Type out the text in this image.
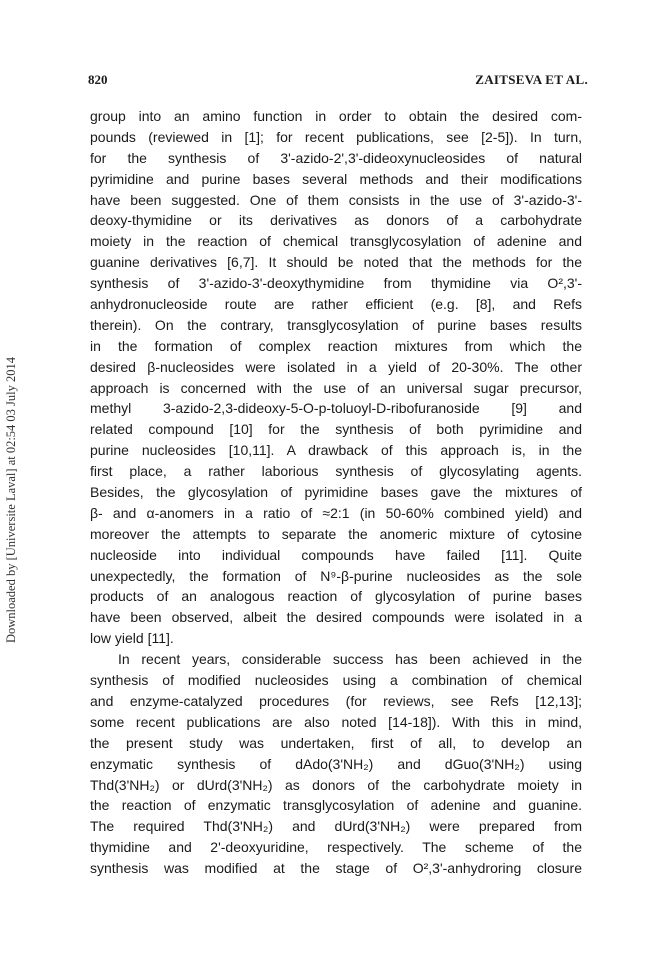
820	ZAITSEVA ET AL.
Downloaded by [Universite Laval] at 02:54 03 July 2014
group into an amino function in order to obtain the desired com-
pounds (reviewed in [1]; for recent publications, see [2-5]). In turn,
for the synthesis of 3'-azido-2',3'-dideoxynucleosides of natural
pyrimidine and purine bases several methods and their modifications
have been suggested. One of them consists in the use of 3'-azido-3'-
deoxy-thymidine or its derivatives as donors of a carbohydrate
moiety in the reaction of chemical transglycosylation of adenine and
guanine derivatives [6,7]. It should be noted that the methods for the
synthesis of 3'-azido-3'-deoxythymidine from thymidine via O²,3'-
anhydronucleoside route are rather efficient (e.g. [8], and Refs
therein). On the contrary, transglycosylation of purine bases results
in the formation of complex reaction mixtures from which the
desired β-nucleosides were isolated in a yield of 20-30%. The other
approach is concerned with the use of an universal sugar precursor,
methyl 3-azido-2,3-dideoxy-5-O-p-toluoyl-D-ribofuranoside [9] and
related compound [10] for the synthesis of both pyrimidine and
purine nucleosides [10,11]. A drawback of this approach is, in the
first place, a rather laborious synthesis of glycosylating agents.
Besides, the glycosylation of pyrimidine bases gave the mixtures of
β- and α-anomers in a ratio of ≈2:1 (in 50-60% combined yield) and
moreover the attempts to separate the anomeric mixture of cytosine
nucleoside into individual compounds have failed [11]. Quite
unexpectedly, the formation of N⁹-β-purine nucleosides as the sole
products of an analogous reaction of glycosylation of purine bases
have been observed, albeit the desired compounds were isolated in a
low yield [11].
In recent years, considerable success has been achieved in the
synthesis of modified nucleosides using a combination of chemical
and enzyme-catalyzed procedures (for reviews, see Refs [12,13];
some recent publications are also noted [14-18]). With this in mind,
the present study was undertaken, first of all, to develop an
enzymatic synthesis of dAdo(3'NH₂) and dGuo(3'NH₂) using
Thd(3'NH₂) or dUrd(3'NH₂) as donors of the carbohydrate moiety in
the reaction of enzymatic transglycosylation of adenine and guanine.
The required Thd(3'NH₂) and dUrd(3'NH₂) were prepared from
thymidine and 2'-deoxyuridine, respectively. The scheme of the
synthesis was modified at the stage of O²,3'-anhydroring closure
